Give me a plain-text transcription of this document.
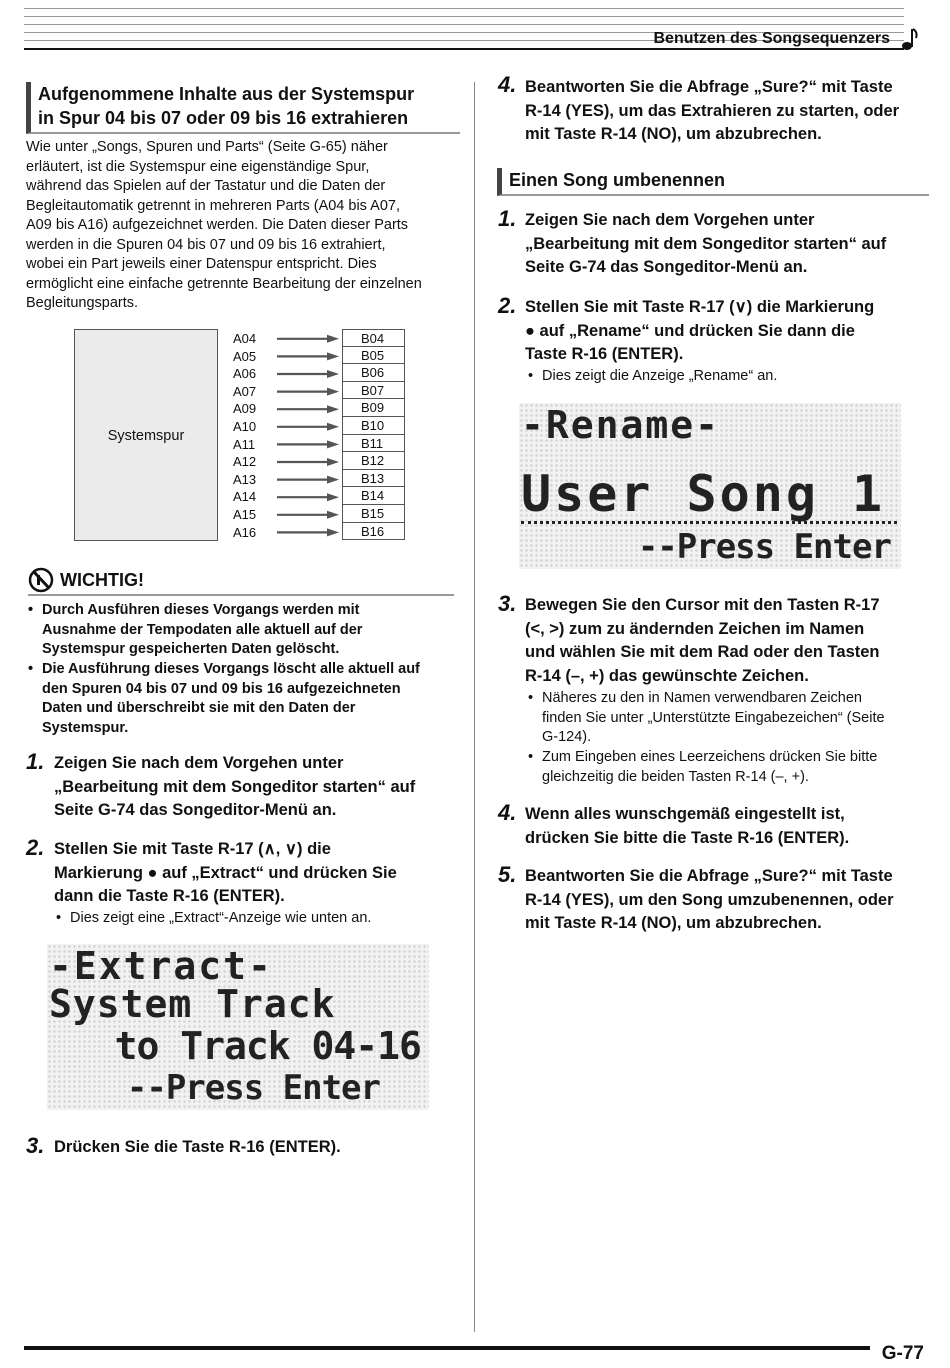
Benutzen des Songsequenzers
Aufgenommene Inhalte aus der Systemspur
in Spur 04 bis 07 oder 09 bis 16 extrahieren
Wie unter „Songs, Spuren und Parts“ (Seite G-65) näher
erläutert, ist die Systemspur eine eigenständige Spur,
während das Spielen auf der Tastatur und die Daten der
Begleitautomatik getrennt in mehreren Parts (A04 bis A07,
A09 bis A16) aufgezeichnet werden. Die Daten dieser Parts
werden in die Spuren 04 bis 07 und 09 bis 16 extrahiert,
wobei ein Part jeweils einer Datenspur entspricht. Dies
ermöglicht eine einfache getrennte Bearbeitung der einzelnen
Begleitungsparts.
Systemspur
A04
A05
A06
A07
A09
A10
A11
A12
A13
A14
A15
A16
B04
B05
B06
B07
B09
B10
B11
B12
B13
B14
B15
B16
WICHTIG!
• Durch Ausführen dieses Vorgangs werden mit
Ausnahme der Tempodaten alle aktuell auf der
Systemspur gespeicherten Daten gelöscht.
• Die Ausführung dieses Vorgangs löscht alle aktuell auf
den Spuren 04 bis 07 und 09 bis 16 aufgezeichneten
Daten und überschreibt sie mit den Daten der
Systemspur.
1. Zeigen Sie nach dem Vorgehen unter
„Bearbeitung mit dem Songeditor starten“ auf
Seite G-74 das Songeditor-Menü an.
2. Stellen Sie mit Taste R-17 (∧, ∨) die
Markierung ● auf „Extract“ und drücken Sie
dann die Taste R-16 (ENTER).
• Dies zeigt eine „Extract“-Anzeige wie unten an.
-Extract-
System Track
to Track 04-16
--Press Enter
3. Drücken Sie die Taste R-16 (ENTER).
4. Beantworten Sie die Abfrage „Sure?“ mit Taste
R-14 (YES), um das Extrahieren zu starten, oder
mit Taste R-14 (NO), um abzubrechen.
Einen Song umbenennen
1. Zeigen Sie nach dem Vorgehen unter
„Bearbeitung mit dem Songeditor starten“ auf
Seite G-74 das Songeditor-Menü an.
2. Stellen Sie mit Taste R-17 (∨) die Markierung
● auf „Rename“ und drücken Sie dann die
Taste R-16 (ENTER).
• Dies zeigt die Anzeige „Rename“ an.
-Rename-
User Song 1
--Press Enter
3. Bewegen Sie den Cursor mit den Tasten R-17
(<, >) zum zu ändernden Zeichen im Namen
und wählen Sie mit dem Rad oder den Tasten
R-14 (–, +) das gewünschte Zeichen.
• Näheres zu den in Namen verwendbaren Zeichen
finden Sie unter „Unterstützte Eingabezeichen“ (Seite
G-124).
• Zum Eingeben eines Leerzeichens drücken Sie bitte
gleichzeitig die beiden Tasten R-14 (–, +).
4. Wenn alles wunschgemäß eingestellt ist,
drücken Sie bitte die Taste R-16 (ENTER).
5. Beantworten Sie die Abfrage „Sure?“ mit Taste
R-14 (YES), um den Song umzubenennen, oder
mit Taste R-14 (NO), um abzubrechen.
G-77
